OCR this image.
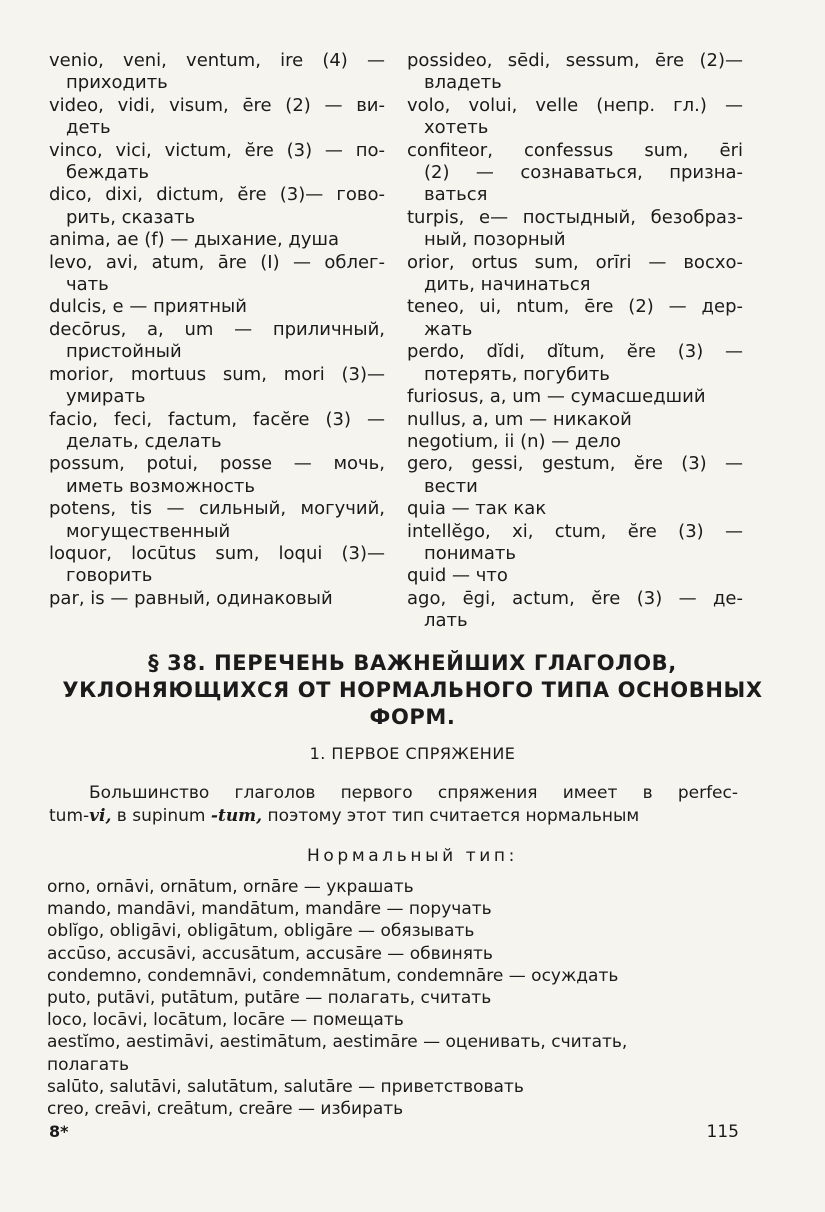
venio, veni, ventum, ire (4) —
приходить
video, vidi, visum, ēre (2) — ви-
деть
vinco, vici, victum, ĕre (3) — по-
беждать
dico, dixi, dictum, ĕre (3)— гово-
рить, сказать
anima, ae (f) — дыхание, душа
levo, avi, atum, āre (I) — облег-
чать
dulcis, e — приятный
decōrus, a, um — приличный,
пристойный
morior, mortuus sum, mori (3)—
умирать
facio, feci, factum, facĕre (3) —
делать, сделать
possum, potui, posse — мочь,
иметь возможность
potens, tis — сильный, могучий,
могущественный
loquor, locūtus sum, loqui (3)—
говорить
par, is — равный, одинаковый
possideo, sēdi, sessum, ēre (2)—
владеть
volo, volui, velle (непр. гл.) —
хотеть
confiteor, confessus sum, ēri
(2) — сознаваться, призна-ваться
turpis, e— постыдный, безобраз-
ный, позорный
orior, ortus sum, orīri — восхо-
дить, начинаться
teneo, ui, ntum, ēre (2) — дер-
жать
perdo, dĭdi, dĭtum, ĕre (3) —
потерять, погубить
furiosus, a, um — сумасшедший
nullus, a, um — никакой
negotium, ii (n) — дело
gero, gessi, gestum, ĕre (3) —
вести
quia — так как
intellĕgo, xi, ctum, ĕre (3) —
понимать
quid — что
ago, ēgi, actum, ĕre (3) — де-
лать
§ 38. ПЕРЕЧЕНЬ ВАЖНЕЙШИХ ГЛАГОЛОВ, УКЛОНЯЮЩИХСЯ ОТ НОРМАЛЬНОГО ТИПА ОСНОВНЫХ ФОРМ.
1. ПЕРВОЕ СПРЯЖЕНИЕ

Большинство глаголов первого спряжения имеет в perfec-
tum-vi, в supinum -tum, поэтому этот тип считается нормальным

Нормальный тип:
orno, ornāvi, ornātum, ornāre — украшать
mando, mandāvi, mandātum, mandāre — поручать
oblĭgo, obligāvi, obligātum, obligāre — обязывать
accūso, accusāvi, accusātum, accusāre — обвинять
condemno, condemnāvi, condemnātum, condemnāre — осуждать
puto, putāvi, putātum, putāre — полагать, считать
loco, locāvi, locātum, locāre — помещать
aestĭmo, aestimāvi, aestimātum, aestimāre — оценивать, считать,
полагать
salūto, salutāvi, salutātum, salutāre — приветствовать
creo, creāvi, creātum, creāre — избирать
8*	115
